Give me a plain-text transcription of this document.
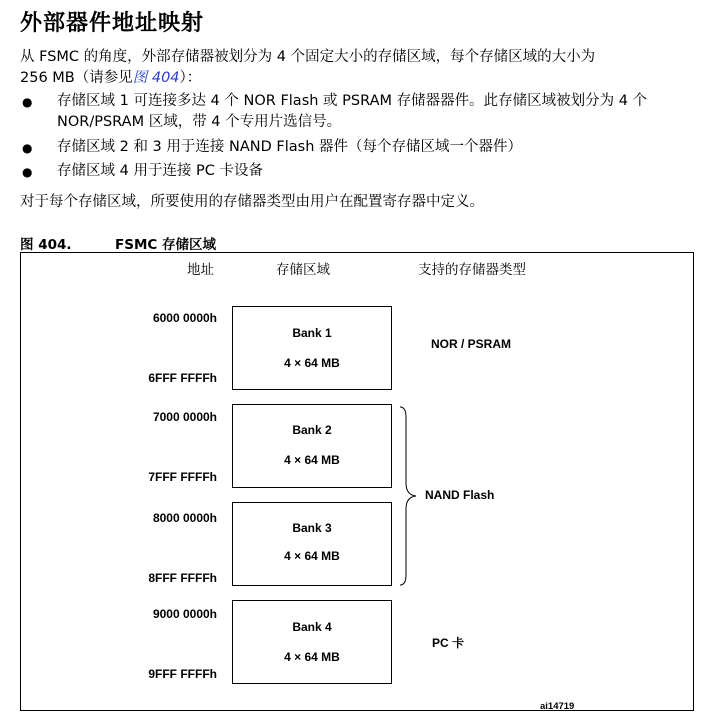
外部器件地址映射
从 FSMC 的角度，外部存储器被划分为 4 个固定大小的存储区域，每个存储区域的大小为
256 MB（请参见图 404）：
● 存储区域 1 可连接多达 4 个 NOR Flash 或 PSRAM 存储器器件。此存储区域被划分为 4 个
NOR/PSRAM 区域，带 4 个专用片选信号。
● 存储区域 2 和 3 用于连接 NAND Flash 器件（每个存储区域一个器件）
● 存储区域 4 用于连接 PC 卡设备
对于每个存储区域，所要使用的存储器类型由用户在配置寄存器中定义。
图 404.	FSMC 存储区域
地址	存储区域	支持的存储器类型
6000 0000h
6FFF FFFFh
Bank 1
4 × 64 MB
NOR / PSRAM
7000 0000h
7FFF FFFFh
Bank 2
4 × 64 MB
8000 0000h
8FFF FFFFh
Bank 3
4 × 64 MB
NAND Flash
9000 0000h
9FFF FFFFh
Bank 4
4 × 64 MB
PC 卡
ai14719
